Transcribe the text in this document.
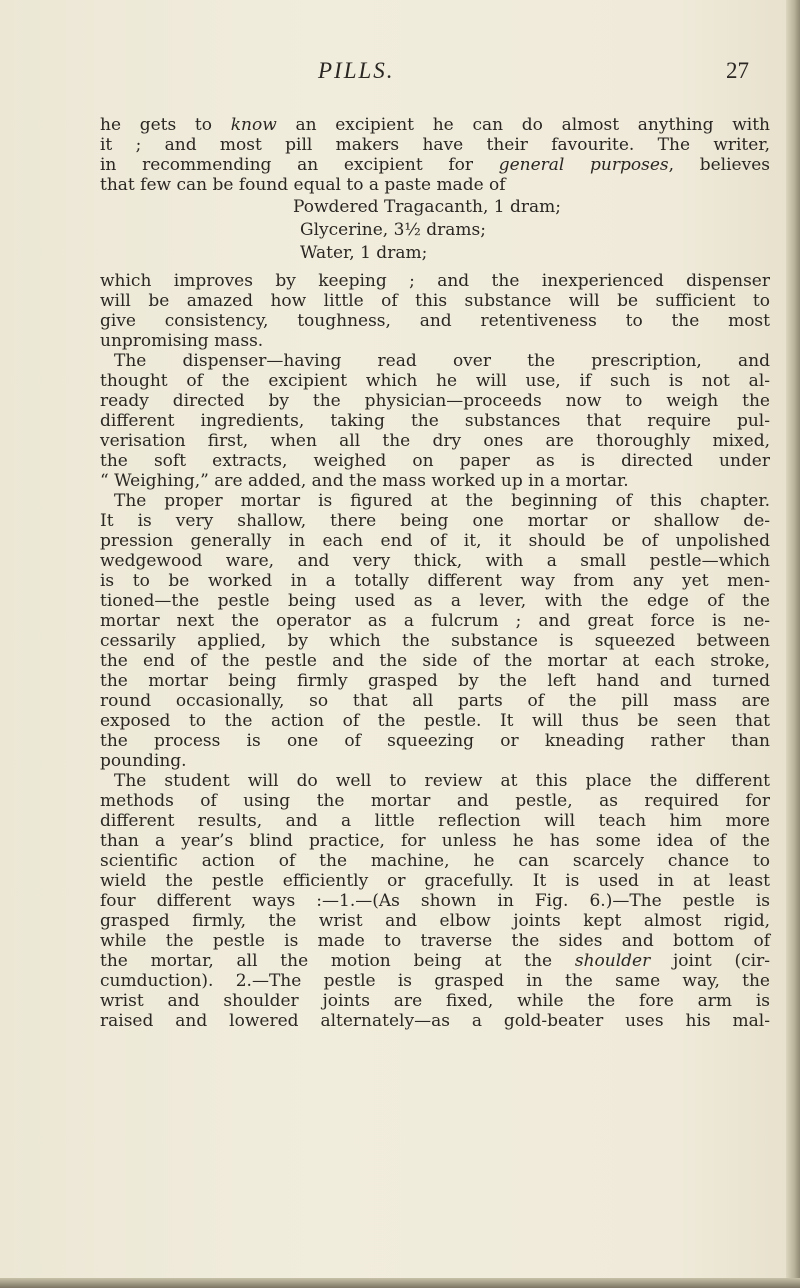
PILLS.	27
he gets to know an excipient he can do almost anything with
it ; and most pill makers have their favourite. The writer,
in recommending an excipient for general purposes, believes
that few can be found equal to a paste made of
Powdered Tragacanth, 1 dram;
Glycerine, 3½ drams;
Water, 1 dram;
which improves by keeping ; and the inexperienced dispenser
will be amazed how little of this substance will be sufficient to
give consistency, toughness, and retentiveness to the most
unpromising mass.
The dispenser—having read over the prescription, and
thought of the excipient which he will use, if such is not al-
ready directed by the physician—proceeds now to weigh the
different ingredients, taking the substances that require pul-
verisation first, when all the dry ones are thoroughly mixed,
the soft extracts, weighed on paper as is directed under
“ Weighing,” are added, and the mass worked up in a mortar.
The proper mortar is figured at the beginning of this chapter.
It is very shallow, there being one mortar or shallow de-
pression generally in each end of it, it should be of unpolished
wedgewood ware, and very thick, with a small pestle—which
is to be worked in a totally different way from any yet men-
tioned—the pestle being used as a lever, with the edge of the
mortar next the operator as a fulcrum ; and great force is ne-
cessarily applied, by which the substance is squeezed between
the end of the pestle and the side of the mortar at each stroke,
the mortar being firmly grasped by the left hand and turned
round occasionally, so that all parts of the pill mass are
exposed to the action of the pestle. It will thus be seen that
the process is one of squeezing or kneading rather than
pounding.
The student will do well to review at this place the different
methods of using the mortar and pestle, as required for
different results, and a little reflection will teach him more
than a year’s blind practice, for unless he has some idea of the
scientific action of the machine, he can scarcely chance to
wield the pestle efficiently or gracefully. It is used in at least
four different ways :—1.—(As shown in Fig. 6.)—The pestle is
grasped firmly, the wrist and elbow joints kept almost rigid,
while the pestle is made to traverse the sides and bottom of
the mortar, all the motion being at the shoulder joint (cir-
cumduction). 2.—The pestle is grasped in the same way, the
wrist and shoulder joints are fixed, while the fore arm is
raised and lowered alternately—as a gold-beater uses his mal-
